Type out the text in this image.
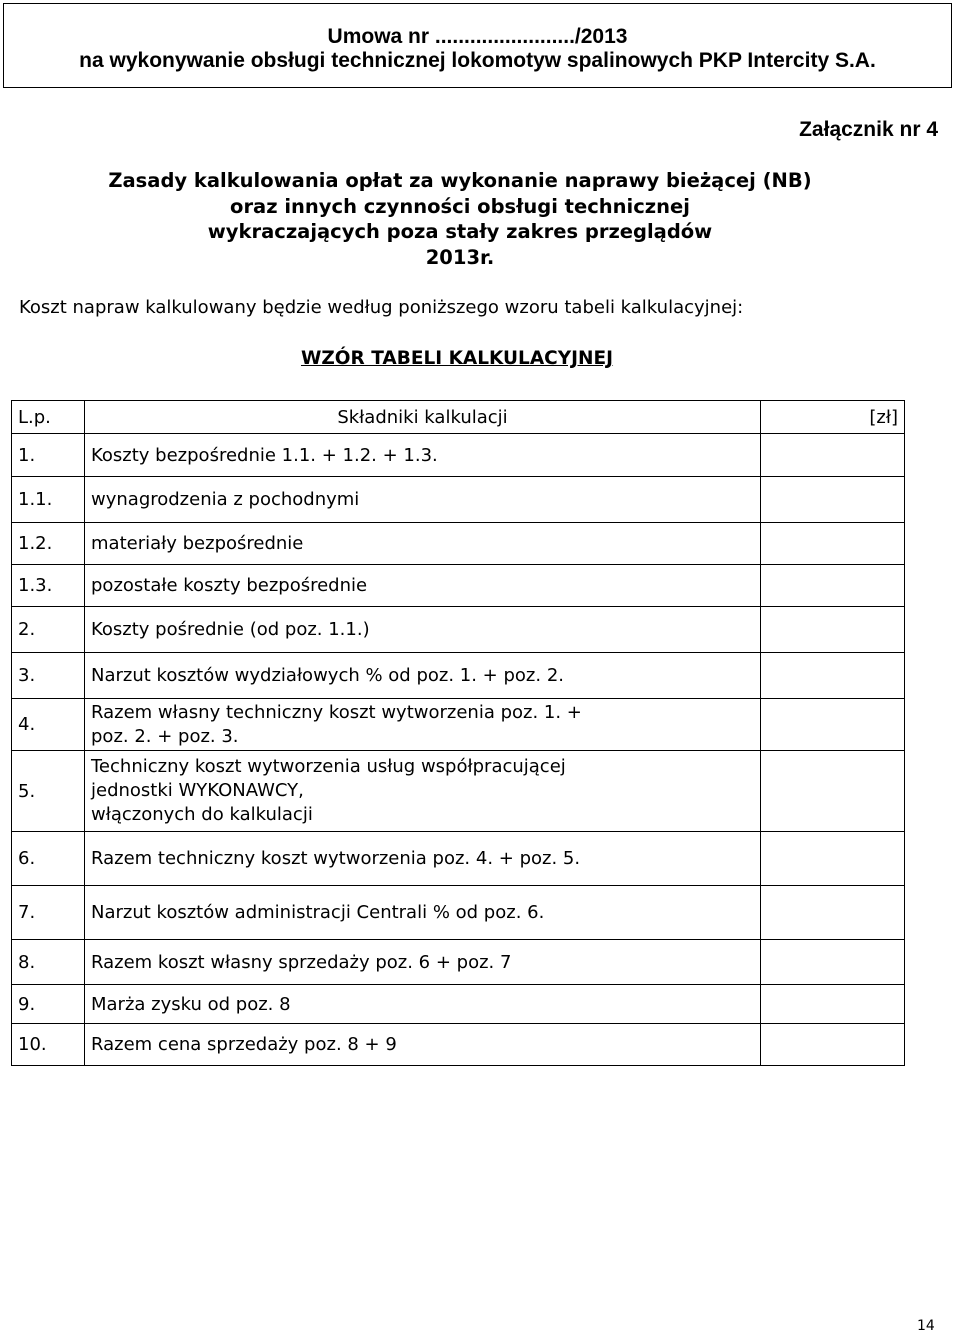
Umowa nr ......................../2013
na wykonywanie obsługi technicznej lokomotyw spalinowych PKP Intercity S.A.
Załącznik nr 4
Zasady kalkulowania opłat za wykonanie naprawy bieżącej (NB)
oraz innych czynności obsługi technicznej
wykraczających poza stały zakres przeglądów
2013r.
Koszt napraw kalkulowany będzie według poniższego wzoru tabeli kalkulacyjnej:
WZÓR TABELI KALKULACYJNEJ
L.p.	Składniki kalkulacji	[zł]
1.	Koszty bezpośrednie 1.1. + 1.2. + 1.3.	
1.1.	wynagrodzenia z pochodnymi	
1.2.	materiały bezpośrednie	
1.3.	pozostałe koszty bezpośrednie	
2.	Koszty pośrednie (od poz. 1.1.)	
3.	Narzut kosztów wydziałowych % od poz. 1. + poz. 2.	
4.	Razem własny techniczny koszt wytworzenia poz. 1. +
poz. 2. + poz. 3.	

5.	Techniczny koszt wytworzenia usług współpracującej
jednostki WYKONAWCY,
włączonych do kalkulacji	

6.	Razem techniczny koszt wytworzenia poz. 4. + poz. 5.	
7.	Narzut kosztów administracji Centrali % od poz. 6.	
8.	Razem koszt własny sprzedaży poz. 6 + poz. 7	
9.	Marża zysku od poz. 8	
10.	Razem cena sprzedaży poz. 8 + 9	
14
